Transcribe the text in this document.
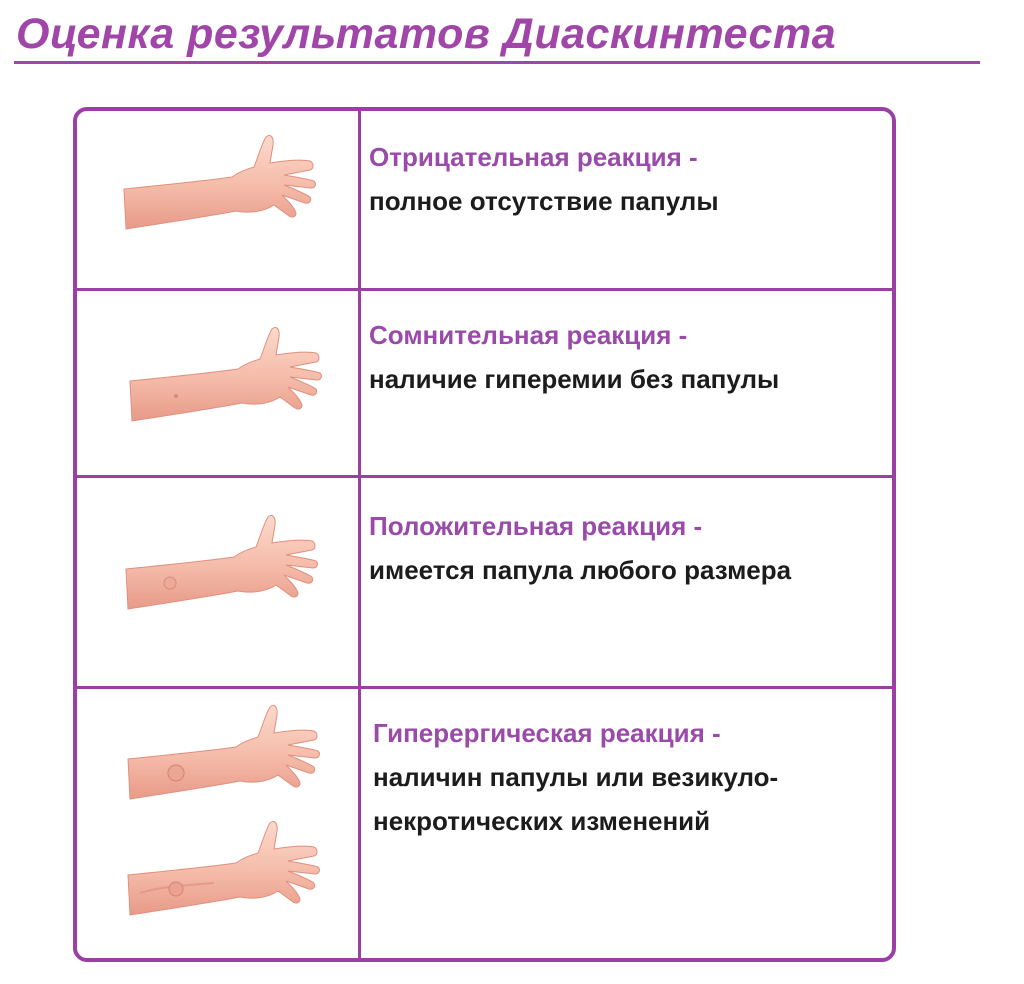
Оценка результатов Диаскинтеста
Отрицательная реакция -
полное отсутствие папулы
Сомнительная реакция -
наличие гиперемии без папулы
Положительная реакция -
имеется папула любого размера
Гиперергическая реакция -
наличин папулы или везикуло-некротических изменений
